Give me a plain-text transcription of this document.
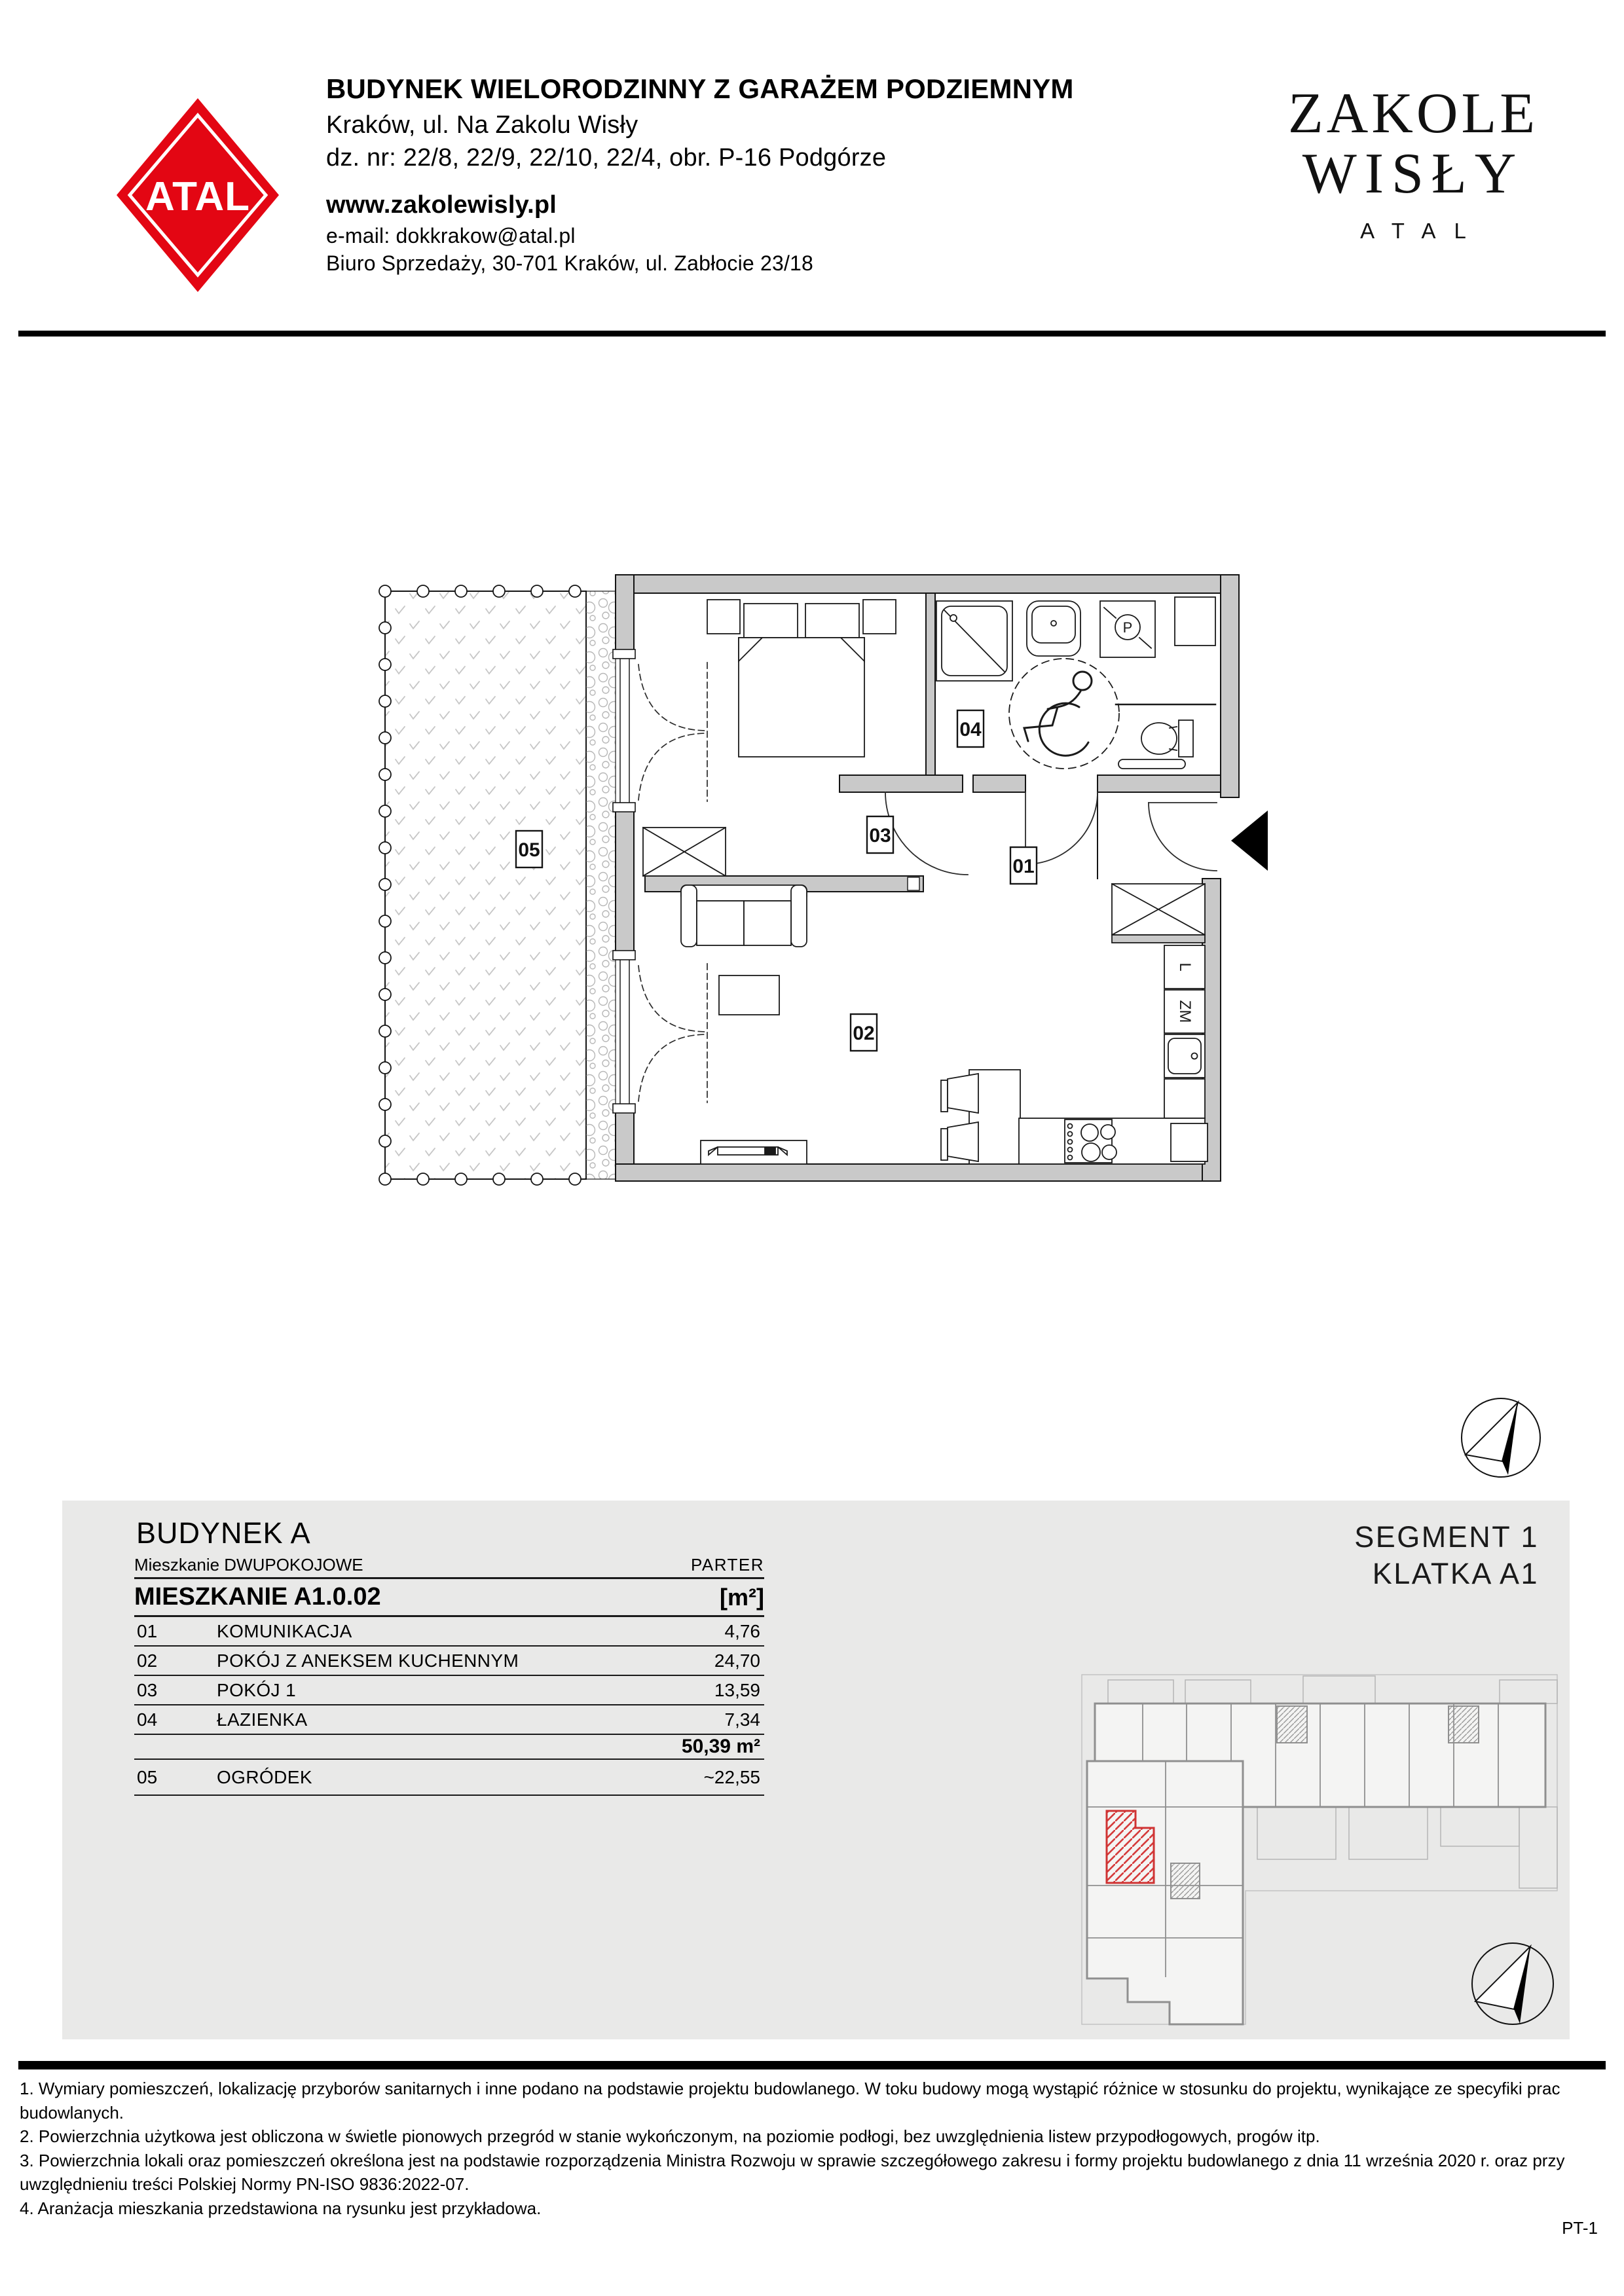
ATAL
L
ZM
P
01
02
03
04
05
BUDYNEK WIELORODZINNY Z GARAŻEM PODZIEMNYM
Kraków, ul. Na Zakolu Wisły
dz. nr: 22/8, 22/9, 22/10, 22/4, obr. P-16 Podgórze
www.zakolewisly.pl
e-mail: dokkrakow@atal.pl
Biuro Sprzedaży, 30-701 Kraków, ul. Zabłocie 23/18
ZAKOLE
WISŁY
ATAL
BUDYNEK A
Mieszkanie DWUPOKOJOWE	PARTER
MIESZKANIE A1.0.02	[m²]
01	KOMUNIKACJA	4,76
02	POKÓJ Z ANEKSEM KUCHENNYM	24,70
03	POKÓJ 1	13,59
04	ŁAZIENKA	7,34
50,39 m²
05	OGRÓDEK	~22,55
SEGMENT 1
KLATKA A1

1. Wymiary pomieszczeń, lokalizację przyborów sanitarnych i inne podano na podstawie projektu budowlanego. W toku budowy mogą wystąpić różnice w stosunku do projektu, wynikające ze specyfiki prac budowlanych.

2. Powierzchnia użytkowa jest obliczona w świetle pionowych przegród w stanie wykończonym, na poziomie podłogi, bez uwzględnienia listew przypodłogowych, progów itp.

3. Powierzchnia lokali oraz pomieszczeń określona jest na podstawie rozporządzenia Ministra Rozwoju w sprawie szczegółowego zakresu i formy projektu budowlanego z dnia 11 września 2020 r. oraz przy uwzględnieniu treści Polskiej Normy PN-ISO 9836:2022-07.

4. Aranżacja mieszkania przedstawiona na rysunku jest przykładowa.

PT-1
